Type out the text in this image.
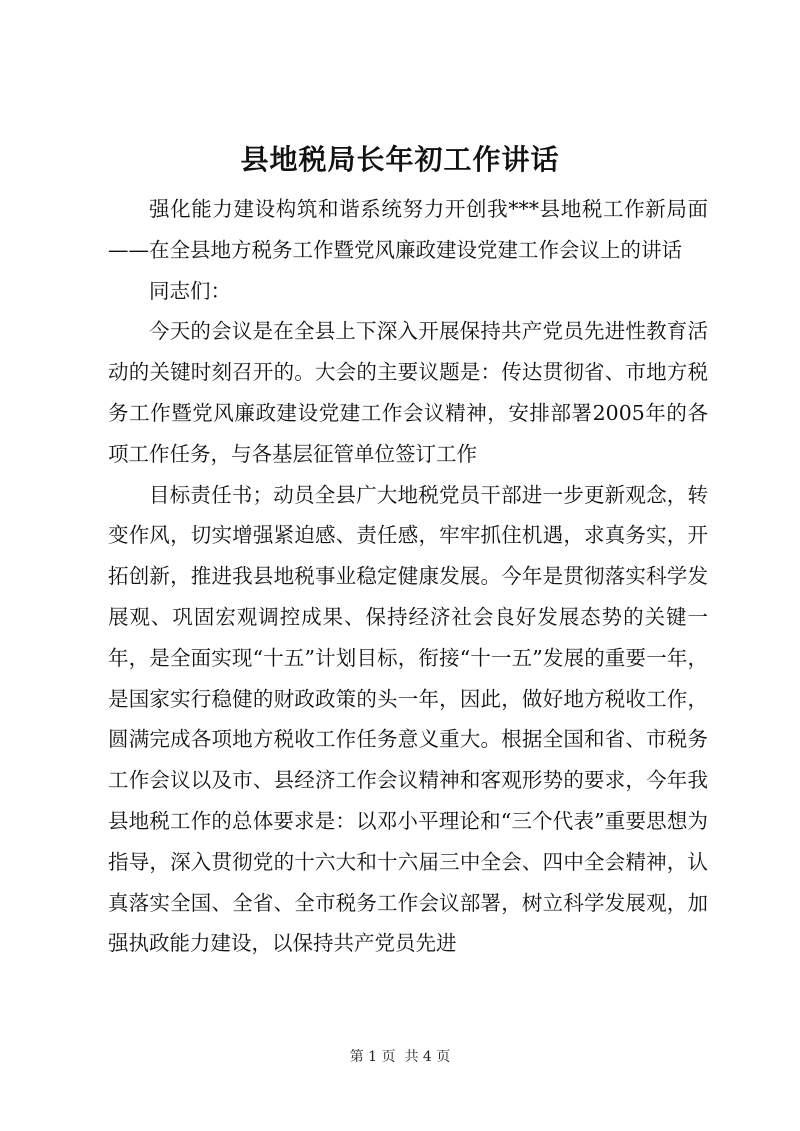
县地税局长年初工作讲话

强化能力建设构筑和谐系统努力开创我***县地税工作新局面——在全县地方税务工作暨党风廉政建设党建工作会议上的讲话

同志们：

今天的会议是在全县上下深入开展保持共产党员先进性教育活动的关键时刻召开的。大会的主要议题是：传达贯彻省、市地方税务工作暨党风廉政建设党建工作会议精神，安排部署2005年的各项工作任务，与各基层征管单位签订工作

目标责任书；动员全县广大地税党员干部进一步更新观念，转变作风，切实增强紧迫感、责任感，牢牢抓住机遇，求真务实，开拓创新，推进我县地税事业稳定健康发展。今年是贯彻落实科学发展观、巩固宏观调控成果、保持经济社会良好发展态势的关键一年，是全面实现“十五”计划目标，衔接“十一五”发展的重要一年，是国家实行稳健的财政政策的头一年，因此，做好地方税收工作，圆满完成各项地方税收工作任务意义重大。根据全国和省、市税务工作会议以及市、县经济工作会议精神和客观形势的要求，今年我县地税工作的总体要求是：以邓小平理论和“三个代表”重要思想为指导，深入贯彻党的十六大和十六届三中全会、四中全会精神，认真落实全国、全省、全市税务工作会议部署，树立科学发展观，加强执政能力建设，以保持共产党员先进

第 1 页 共 4 页
